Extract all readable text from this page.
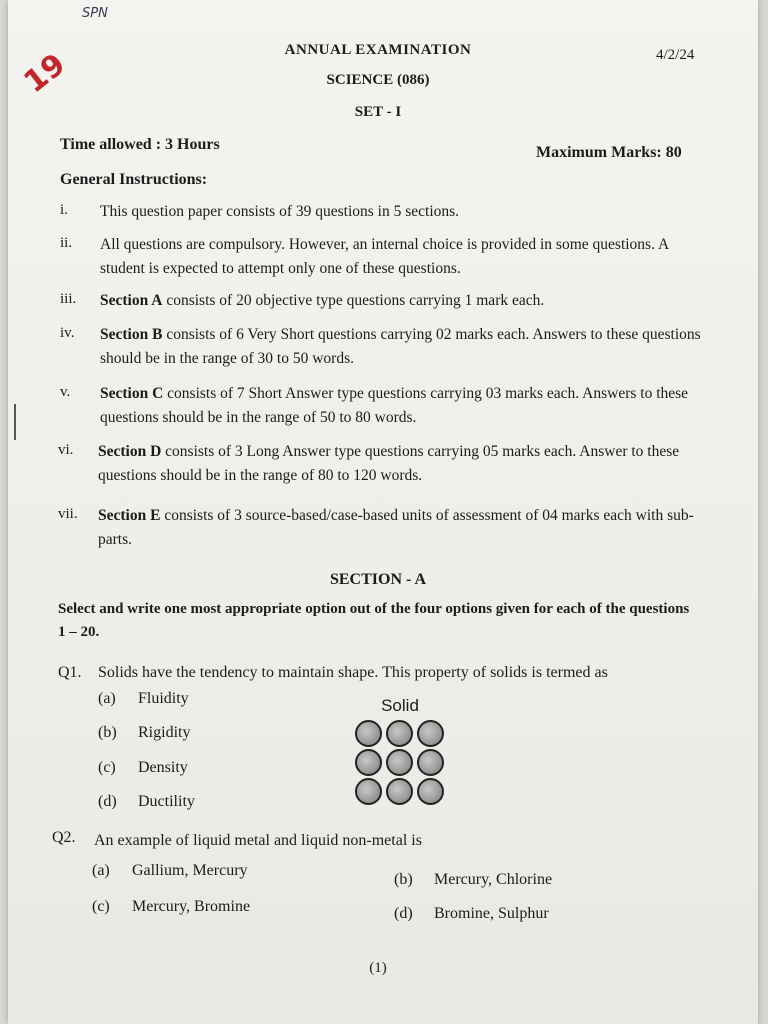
SPN
19	4/2/24
ANNUAL EXAMINATION
SCIENCE (086)
SET - I
Time allowed : 3 Hours	Maximum Marks: 80
General Instructions:
i.	This question paper consists of 39 questions in 5 sections.
ii.	All questions are compulsory. However, an internal choice is provided in some questions. A student is expected to attempt only one of these questions.
iii.	Section A consists of 20 objective type questions carrying 1 mark each.
iv.	Section B consists of 6 Very Short questions carrying 02 marks each. Answers to these questions should be in the range of 30 to 50 words.
v.	Section C consists of 7 Short Answer type questions carrying 03 marks each. Answers to these questions should be in the range of 50 to 80 words.
vi.	Section D consists of 3 Long Answer type questions carrying 05 marks each. Answer to these questions should be in the range of 80 to 120 words.
vii.	Section E consists of 3 source-based/case-based units of assessment of 04 marks each with sub-parts.
SECTION - A
Select and write one most appropriate option out of the four options given for each of the questions 1 – 20.
Q1. Solids have the tendency to maintain shape. This property of solids is termed as
(a) Fluidity
(b) Rigidity
(c) Density
(d) Ductility
Solid
Q2. An example of liquid metal and liquid non-metal is
(a) Gallium, Mercury
(b) Mercury, Chlorine
(c) Mercury, Bromine	(d) Bromine, Sulphur
(1)
